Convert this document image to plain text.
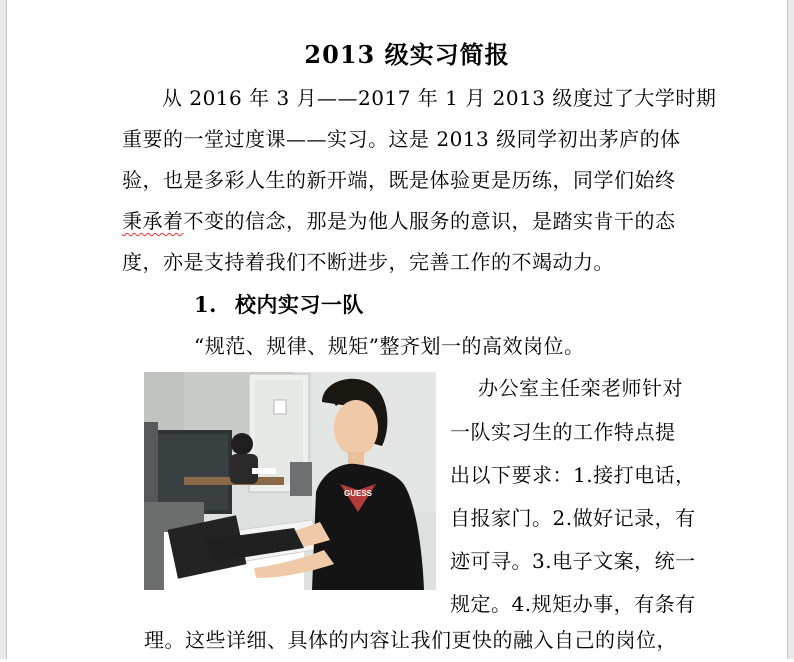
2013 级实习简报
从 2016 年 3 月——2017 年 1 月 2013 级度过了大学时期
重要的一堂过度课——实习。这是 2013 级同学初出茅庐的体
验，也是多彩人生的新开端，既是体验更是历练，同学们始终
秉承着不变的信念，那是为他人服务的意识，是踏实肯干的态
度，亦是支持着我们不断进步，完善工作的不竭动力。
1. 校内实习一队
“规范、规律、规矩”整齐划一的高效岗位。
GUESS
办公室主任栾老师针对
一队实习生的工作特点提
出以下要求：1.接打电话，
自报家门。2.做好记录，有
迹可寻。3.电子文案，统一
规定。4.规矩办事，有条有
理。这些详细、具体的内容让我们更快的融入自己的岗位，
